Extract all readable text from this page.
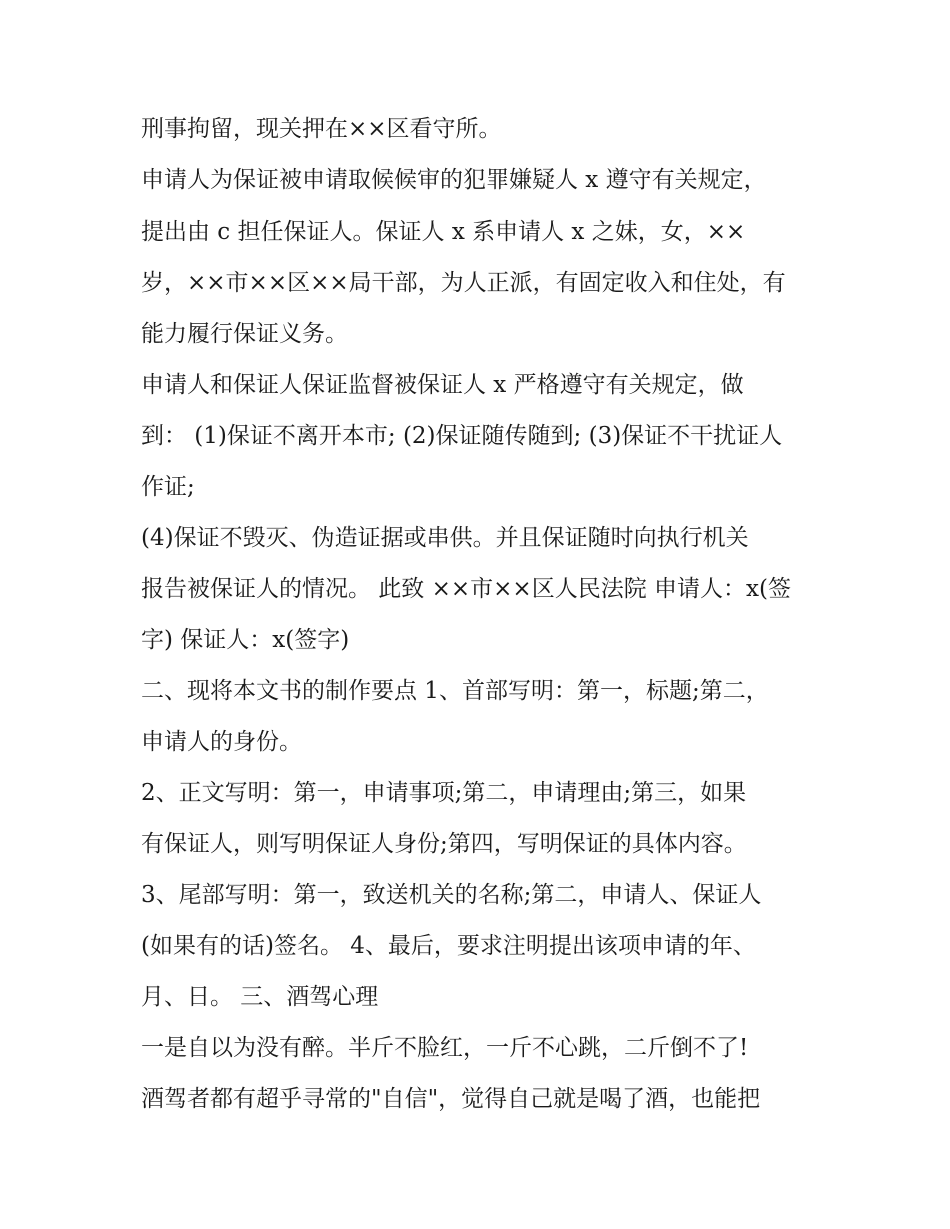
刑事拘留，现关押在××区看守所。

申请人为保证被申请取候候审的犯罪嫌疑人 x 遵守有关规定，

提出由 c 担任保证人。保证人 x 系申请人 x 之妹，女，××

岁，××市××区××局干部，为人正派，有固定收入和住处，有

能力履行保证义务。

申请人和保证人保证监督被保证人 x 严格遵守有关规定，做

到： (1)保证不离开本市; (2)保证随传随到; (3)保证不干扰证人

作证;

(4)保证不毁灭、伪造证据或串供。并且保证随时向执行机关

报告被保证人的情况。 此致 ××市××区人民法院 申请人：x(签

字) 保证人：x(签字)

二、现将本文书的制作要点 1、首部写明：第一，标题;第二，

申请人的身份。

2、正文写明：第一，申请事项;第二，申请理由;第三，如果

有保证人，则写明保证人身份;第四，写明保证的具体内容。

3、尾部写明：第一，致送机关的名称;第二，申请人、保证人

(如果有的话)签名。 4、最后，要求注明提出该项申请的年、

月、日。 三、酒驾心理

一是自以为没有醉。半斤不脸红，一斤不心跳，二斤倒不了!

酒驾者都有超乎寻常的"自信"，觉得自己就是喝了酒，也能把
